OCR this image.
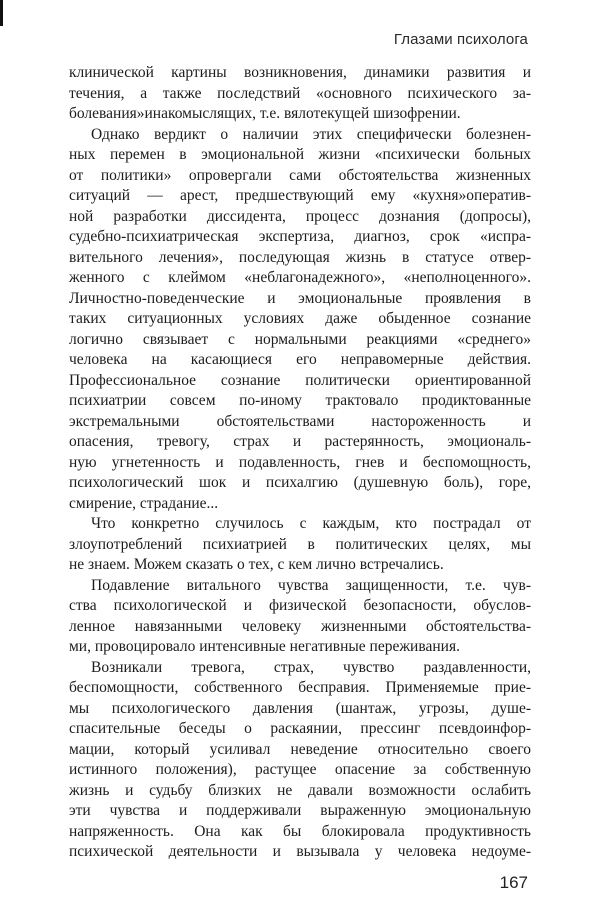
Глазами психолога
клинической картины возникновения, динамики развития и
течения, а также последствий «основного психического за-
болевания»инакомыслящих, т.е. вялотекущей шизофрении.
Однако вердикт о наличии этих специфически болезнен-
ных перемен в эмоциональной жизни «психически больных
от политики» опровергали сами обстоятельства жизненных
ситуаций — арест, предшествующий ему «кухня»оператив-
ной разработки диссидента, процесс дознания (допросы),
судебно-психиатрическая экспертиза, диагноз, срок «испра-
вительного лечения», последующая жизнь в статусе отвер-
женного с клеймом «неблагонадежного», «неполноценного».
Личностно-поведенческие и эмоциональные проявления в
таких ситуационных условиях даже обыденное сознание
логично связывает с нормальными реакциями «среднего»
человека на касающиеся его неправомерные действия.
Профессиональное сознание политически ориентированной
психиатрии совсем по-иному трактовало продиктованные
экстремальными обстоятельствами настороженность и
опасения, тревогу, страх и растерянность, эмоциональ-
ную угнетенность и подавленность, гнев и беспомощность,
психологический шок и психалгию (душевную боль), горе,
смирение, страдание...
Что конкретно случилось с каждым, кто пострадал от
злоупотреблений психиатрией в политических целях, мы
не знаем. Можем сказать о тех, с кем лично встречались.
Подавление витального чувства защищенности, т.е. чув-
ства психологической и физической безопасности, обуслов-
ленное навязанными человеку жизненными обстоятельства-
ми, провоцировало интенсивные негативные переживания.
Возникали тревога, страх, чувство раздавленности,
беспомощности, собственного бесправия. Применяемые прие-
мы психологического давления (шантаж, угрозы, душе-
спасительные беседы о раскаянии, прессинг псевдоинфор-
мации, который усиливал неведение относительно своего
истинного положения), растущее опасение за собственную
жизнь и судьбу близких не давали возможности ослабить
эти чувства и поддерживали выраженную эмоциональную
напряженность. Она как бы блокировала продуктивность
психической деятельности и вызывала у человека недоуме-
167
